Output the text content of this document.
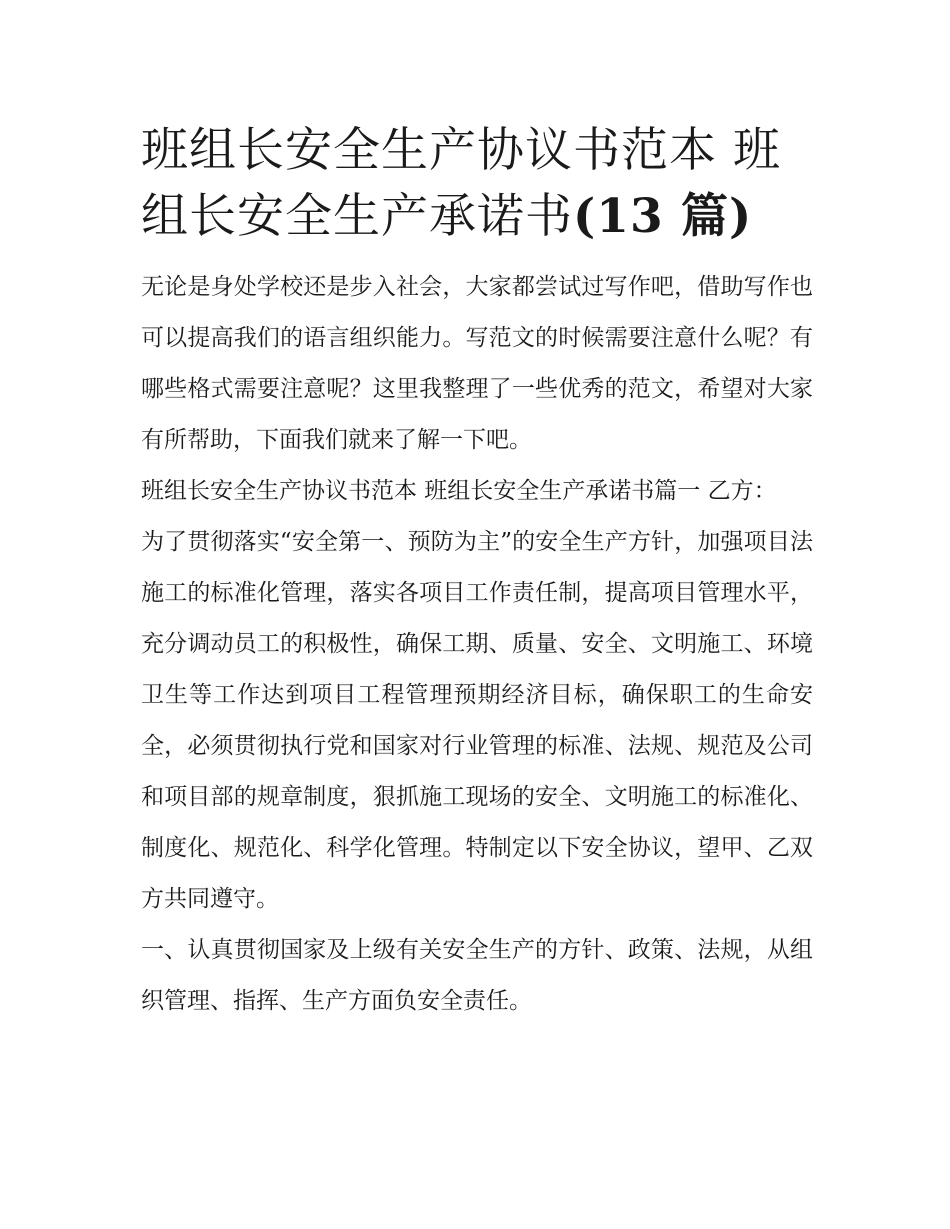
班组长安全生产协议书范本 班组长安全生产承诺书(13 篇)

无论是身处学校还是步入社会，大家都尝试过写作吧，借助写作也可以提高我们的语言组织能力。写范文的时候需要注意什么呢？有哪些格式需要注意呢？这里我整理了一些优秀的范文，希望对大家有所帮助，下面我们就来了解一下吧。

班组长安全生产协议书范本 班组长安全生产承诺书篇一 乙方：

为了贯彻落实“安全第一、预防为主”的安全生产方针，加强项目法施工的标准化管理，落实各项目工作责任制，提高项目管理水平，充分调动员工的积极性，确保工期、质量、安全、文明施工、环境卫生等工作达到项目工程管理预期经济目标，确保职工的生命安全，必须贯彻执行党和国家对行业管理的标准、法规、规范及公司和项目部的规章制度，狠抓施工现场的安全、文明施工的标准化、制度化、规范化、科学化管理。特制定以下安全协议，望甲、乙双方共同遵守。

一、认真贯彻国家及上级有关安全生产的方针、政策、法规，从组织管理、指挥、生产方面负安全责任。
